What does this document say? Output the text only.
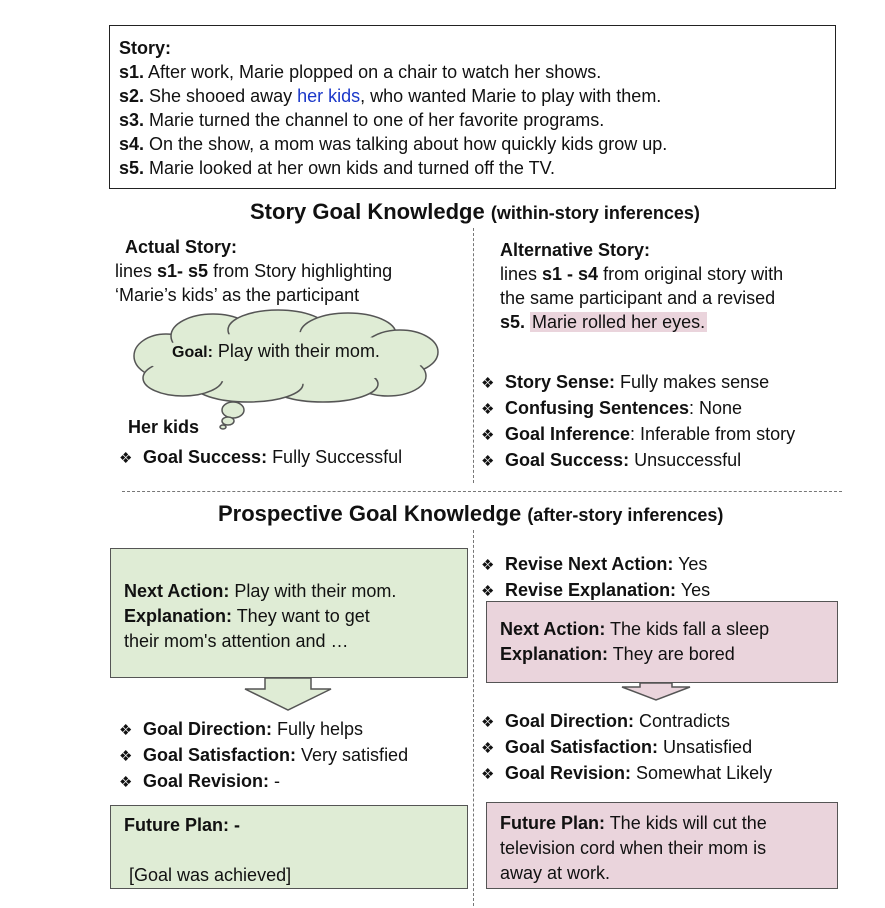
Story:
s1. After work, Marie plopped on a chair to watch her shows.
s2. She shooed away her kids, who wanted Marie to play with them.
s3. Marie turned the channel to one of her favorite programs.
s4. On the show, a mom was talking about how quickly kids grow up.
s5. Marie looked at her own kids and turned off the TV.
Story Goal Knowledge (within-story inferences)
Actual Story:
lines s1- s5 from Story highlighting
‘Marie’s kids’ as the participant
Goal: Play with their mom.
Her kids
❖ Goal Success: Fully Successful
Alternative Story:
lines s1 - s4 from original story with
the same participant and a revised
s5. Marie rolled her eyes.
❖ Story Sense: Fully makes sense
❖ Confusing Sentences: None
❖ Goal Inference: Inferable from story
❖ Goal Success: Unsuccessful
Prospective Goal Knowledge (after-story inferences)
Next Action: Play with their mom.
Explanation: They want to get
their mom's attention and …
❖ Goal Direction: Fully helps
❖ Goal Satisfaction: Very satisfied
❖ Goal Revision: -
Future Plan: -
[Goal was achieved]
❖ Revise Next Action: Yes
❖ Revise Explanation: Yes
Next Action: The kids fall a sleep
Explanation: They are bored
❖ Goal Direction: Contradicts
❖ Goal Satisfaction: Unsatisfied
❖ Goal Revision: Somewhat Likely
Future Plan: The kids will cut the
television cord when their mom is
away at work.
